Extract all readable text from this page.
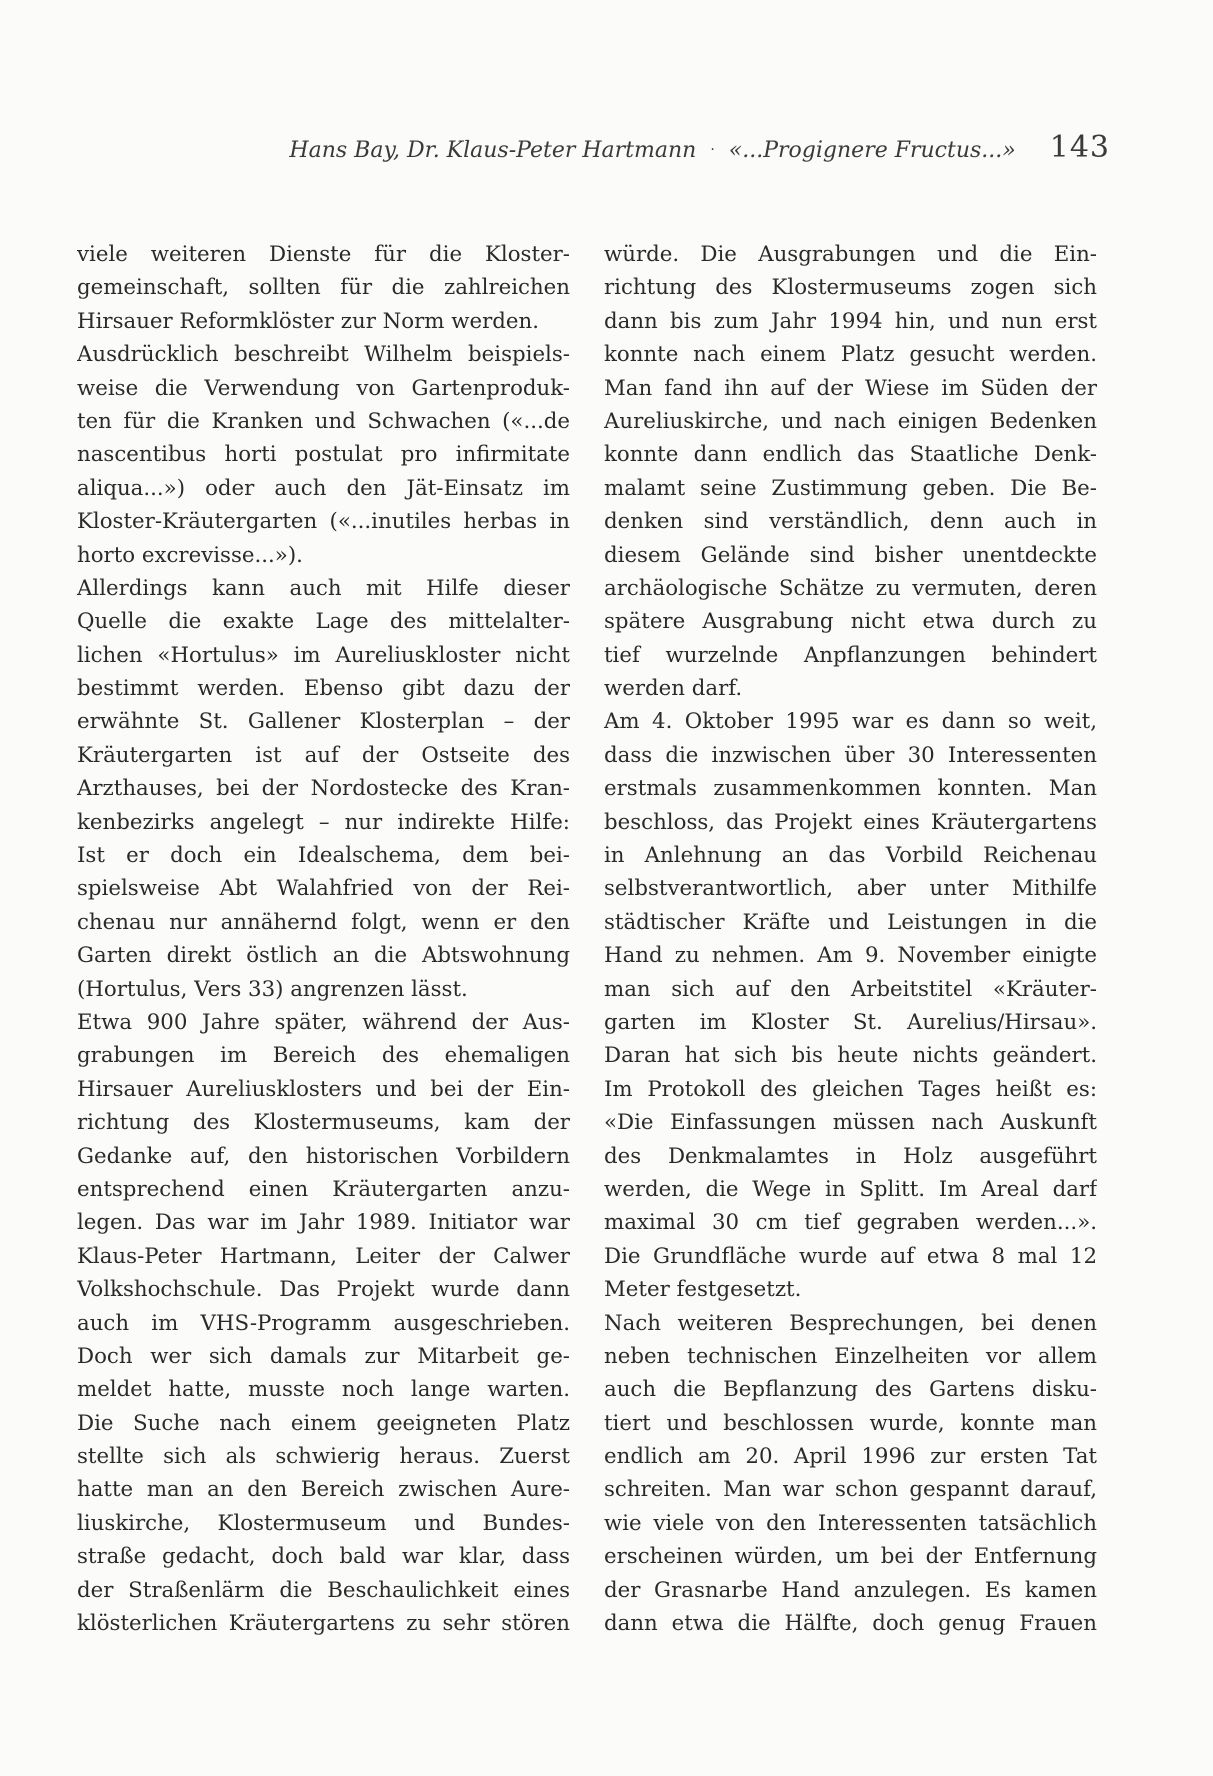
Hans Bay, Dr. Klaus-Peter Hartmann · «...Progignere Fructus...» 143
viele weiteren Dienste für die Kloster-
gemeinschaft, sollten für die zahlreichen
Hirsauer Reformklöster zur Norm werden.
Ausdrücklich beschreibt Wilhelm beispiels-
weise die Verwendung von Gartenproduk-
ten für die Kranken und Schwachen («...de
nascentibus horti postulat pro infirmitate
aliqua...») oder auch den Jät-Einsatz im
Kloster-Kräutergarten («...inutiles herbas in
horto excrevisse...»).
Allerdings kann auch mit Hilfe dieser
Quelle die exakte Lage des mittelalter-
lichen «Hortulus» im Aureliuskloster nicht
bestimmt werden. Ebenso gibt dazu der
erwähnte St. Gallener Klosterplan – der
Kräutergarten ist auf der Ostseite des
Arzthauses, bei der Nordostecke des Kran-
kenbezirks angelegt – nur indirekte Hilfe:
Ist er doch ein Idealschema, dem bei-
spielsweise Abt Walahfried von der Rei-
chenau nur annähernd folgt, wenn er den
Garten direkt östlich an die Abtswohnung
(Hortulus, Vers 33) angrenzen lässt.
Etwa 900 Jahre später, während der Aus-
grabungen im Bereich des ehemaligen
Hirsauer Aureliusklosters und bei der Ein-
richtung des Klostermuseums, kam der
Gedanke auf, den historischen Vorbildern
entsprechend einen Kräutergarten anzu-
legen. Das war im Jahr 1989. Initiator war
Klaus-Peter Hartmann, Leiter der Calwer
Volkshochschule. Das Projekt wurde dann
auch im VHS-Programm ausgeschrieben.
Doch wer sich damals zur Mitarbeit ge-
meldet hatte, musste noch lange warten.
Die Suche nach einem geeigneten Platz
stellte sich als schwierig heraus. Zuerst
hatte man an den Bereich zwischen Aure-
liuskirche, Klostermuseum und Bundes-
straße gedacht, doch bald war klar, dass
der Straßenlärm die Beschaulichkeit eines
klösterlichen Kräutergartens zu sehr stören
würde. Die Ausgrabungen und die Ein-
richtung des Klostermuseums zogen sich
dann bis zum Jahr 1994 hin, und nun erst
konnte nach einem Platz gesucht werden.
Man fand ihn auf der Wiese im Süden der
Aureliuskirche, und nach einigen Bedenken
konnte dann endlich das Staatliche Denk-
malamt seine Zustimmung geben. Die Be-
denken sind verständlich, denn auch in
diesem Gelände sind bisher unentdeckte
archäologische Schätze zu vermuten, deren
spätere Ausgrabung nicht etwa durch zu
tief wurzelnde Anpflanzungen behindert
werden darf.
Am 4. Oktober 1995 war es dann so weit,
dass die inzwischen über 30 Interessenten
erstmals zusammenkommen konnten. Man
beschloss, das Projekt eines Kräutergartens
in Anlehnung an das Vorbild Reichenau
selbstverantwortlich, aber unter Mithilfe
städtischer Kräfte und Leistungen in die
Hand zu nehmen. Am 9. November einigte
man sich auf den Arbeitstitel «Kräuter-
garten im Kloster St. Aurelius/Hirsau».
Daran hat sich bis heute nichts geändert.
Im Protokoll des gleichen Tages heißt es:
«Die Einfassungen müssen nach Auskunft
des Denkmalamtes in Holz ausgeführt
werden, die Wege in Splitt. Im Areal darf
maximal 30 cm tief gegraben werden...».
Die Grundfläche wurde auf etwa 8 mal 12
Meter festgesetzt.
Nach weiteren Besprechungen, bei denen
neben technischen Einzelheiten vor allem
auch die Bepflanzung des Gartens disku-
tiert und beschlossen wurde, konnte man
endlich am 20. April 1996 zur ersten Tat
schreiten. Man war schon gespannt darauf,
wie viele von den Interessenten tatsächlich
erscheinen würden, um bei der Entfernung
der Grasnarbe Hand anzulegen. Es kamen
dann etwa die Hälfte, doch genug Frauen
